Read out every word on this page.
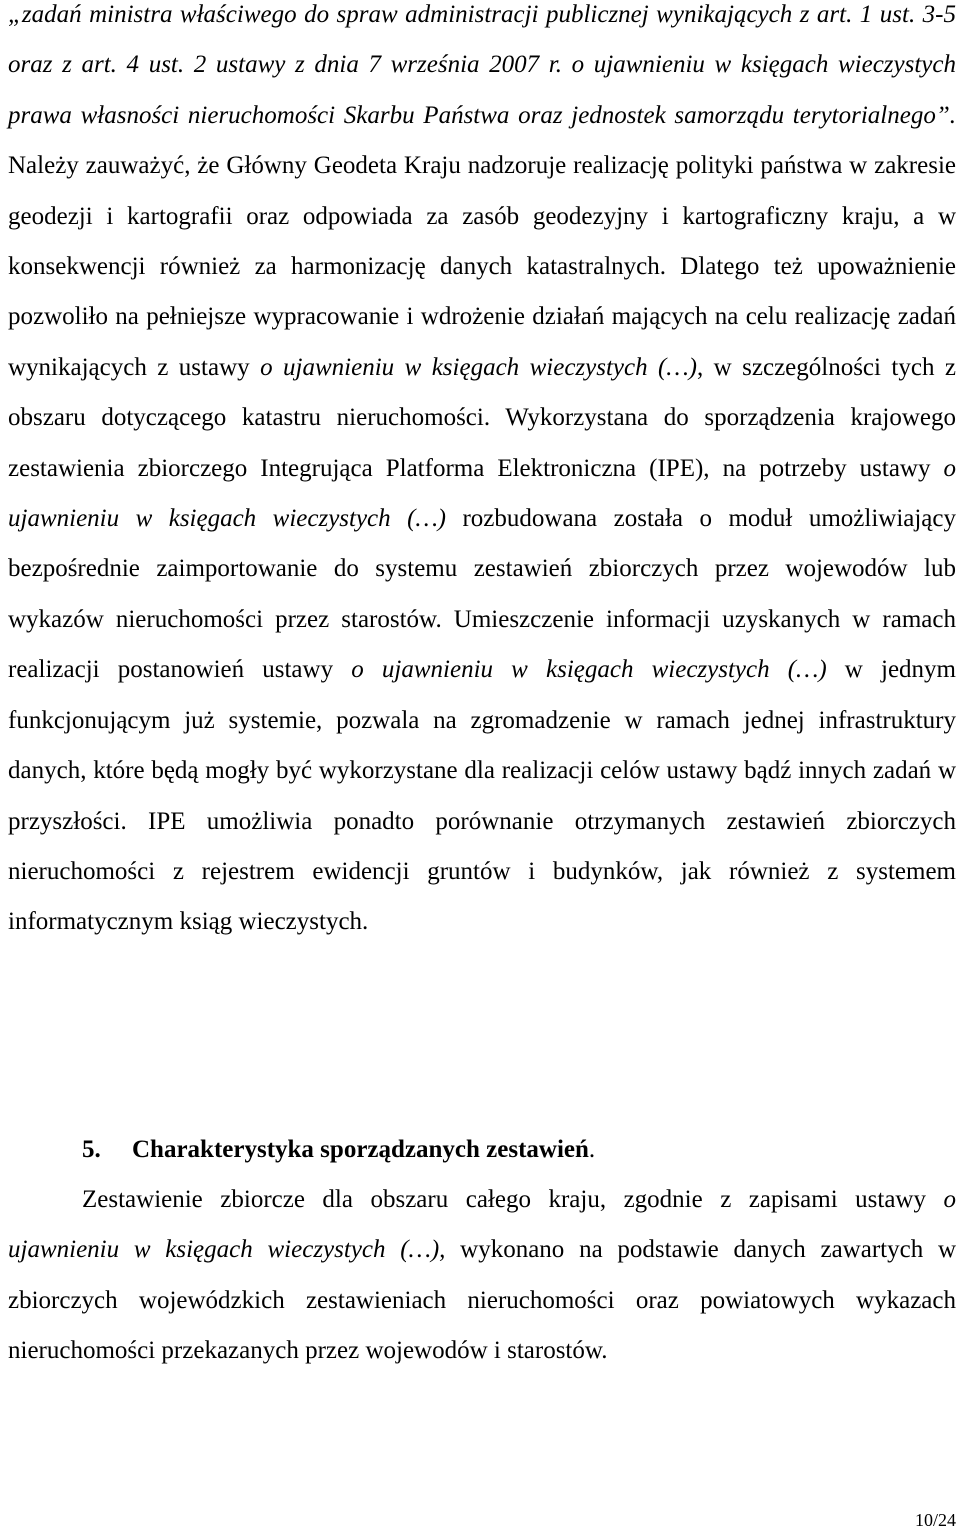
„zadań ministra właściwego do spraw administracji publicznej wynikających z art. 1 ust. 3-5 oraz z art. 4 ust. 2 ustawy z dnia 7 września 2007 r. o ujawnieniu w księgach wieczystych prawa własności nieruchomości Skarbu Państwa oraz jednostek samorządu terytorialnego”. Należy zauważyć, że Główny Geodeta Kraju nadzoruje realizację polityki państwa w zakresie geodezji i kartografii oraz odpowiada za zasób geodezyjny i kartograficzny kraju, a w konsekwencji również za harmonizację danych katastralnych. Dlatego też upoważnienie pozwoliło na pełniejsze wypracowanie i wdrożenie działań mających na celu realizację zadań wynikających z ustawy o ujawnieniu w księgach wieczystych (…), w szczególności tych z obszaru dotyczącego katastru nieruchomości. Wykorzystana do sporządzenia krajowego zestawienia zbiorczego Integrująca Platforma Elektroniczna (IPE), na potrzeby ustawy o ujawnieniu w księgach wieczystych (…) rozbudowana została o moduł umożliwiający bezpośrednie zaimportowanie do systemu zestawień zbiorczych przez wojewodów lub wykazów nieruchomości przez starostów. Umieszczenie informacji uzyskanych w ramach realizacji postanowień ustawy o ujawnieniu w księgach wieczystych (…) w jednym funkcjonującym już systemie, pozwala na zgromadzenie w ramach jednej infrastruktury danych, które będą mogły być wykorzystane dla realizacji celów ustawy bądź innych zadań w przyszłości. IPE umożliwia ponadto porównanie otrzymanych zestawień zbiorczych nieruchomości z rejestrem ewidencji gruntów i budynków, jak również z systemem informatycznym ksiąg wieczystych.

5. Charakterystyka sporządzanych zestawień.

Zestawienie zbiorcze dla obszaru całego kraju, zgodnie z zapisami ustawy o ujawnieniu w księgach wieczystych (…), wykonano na podstawie danych zawartych w zbiorczych wojewódzkich zestawieniach nieruchomości oraz powiatowych wykazach nieruchomości przekazanych przez wojewodów i starostów.

10/24
